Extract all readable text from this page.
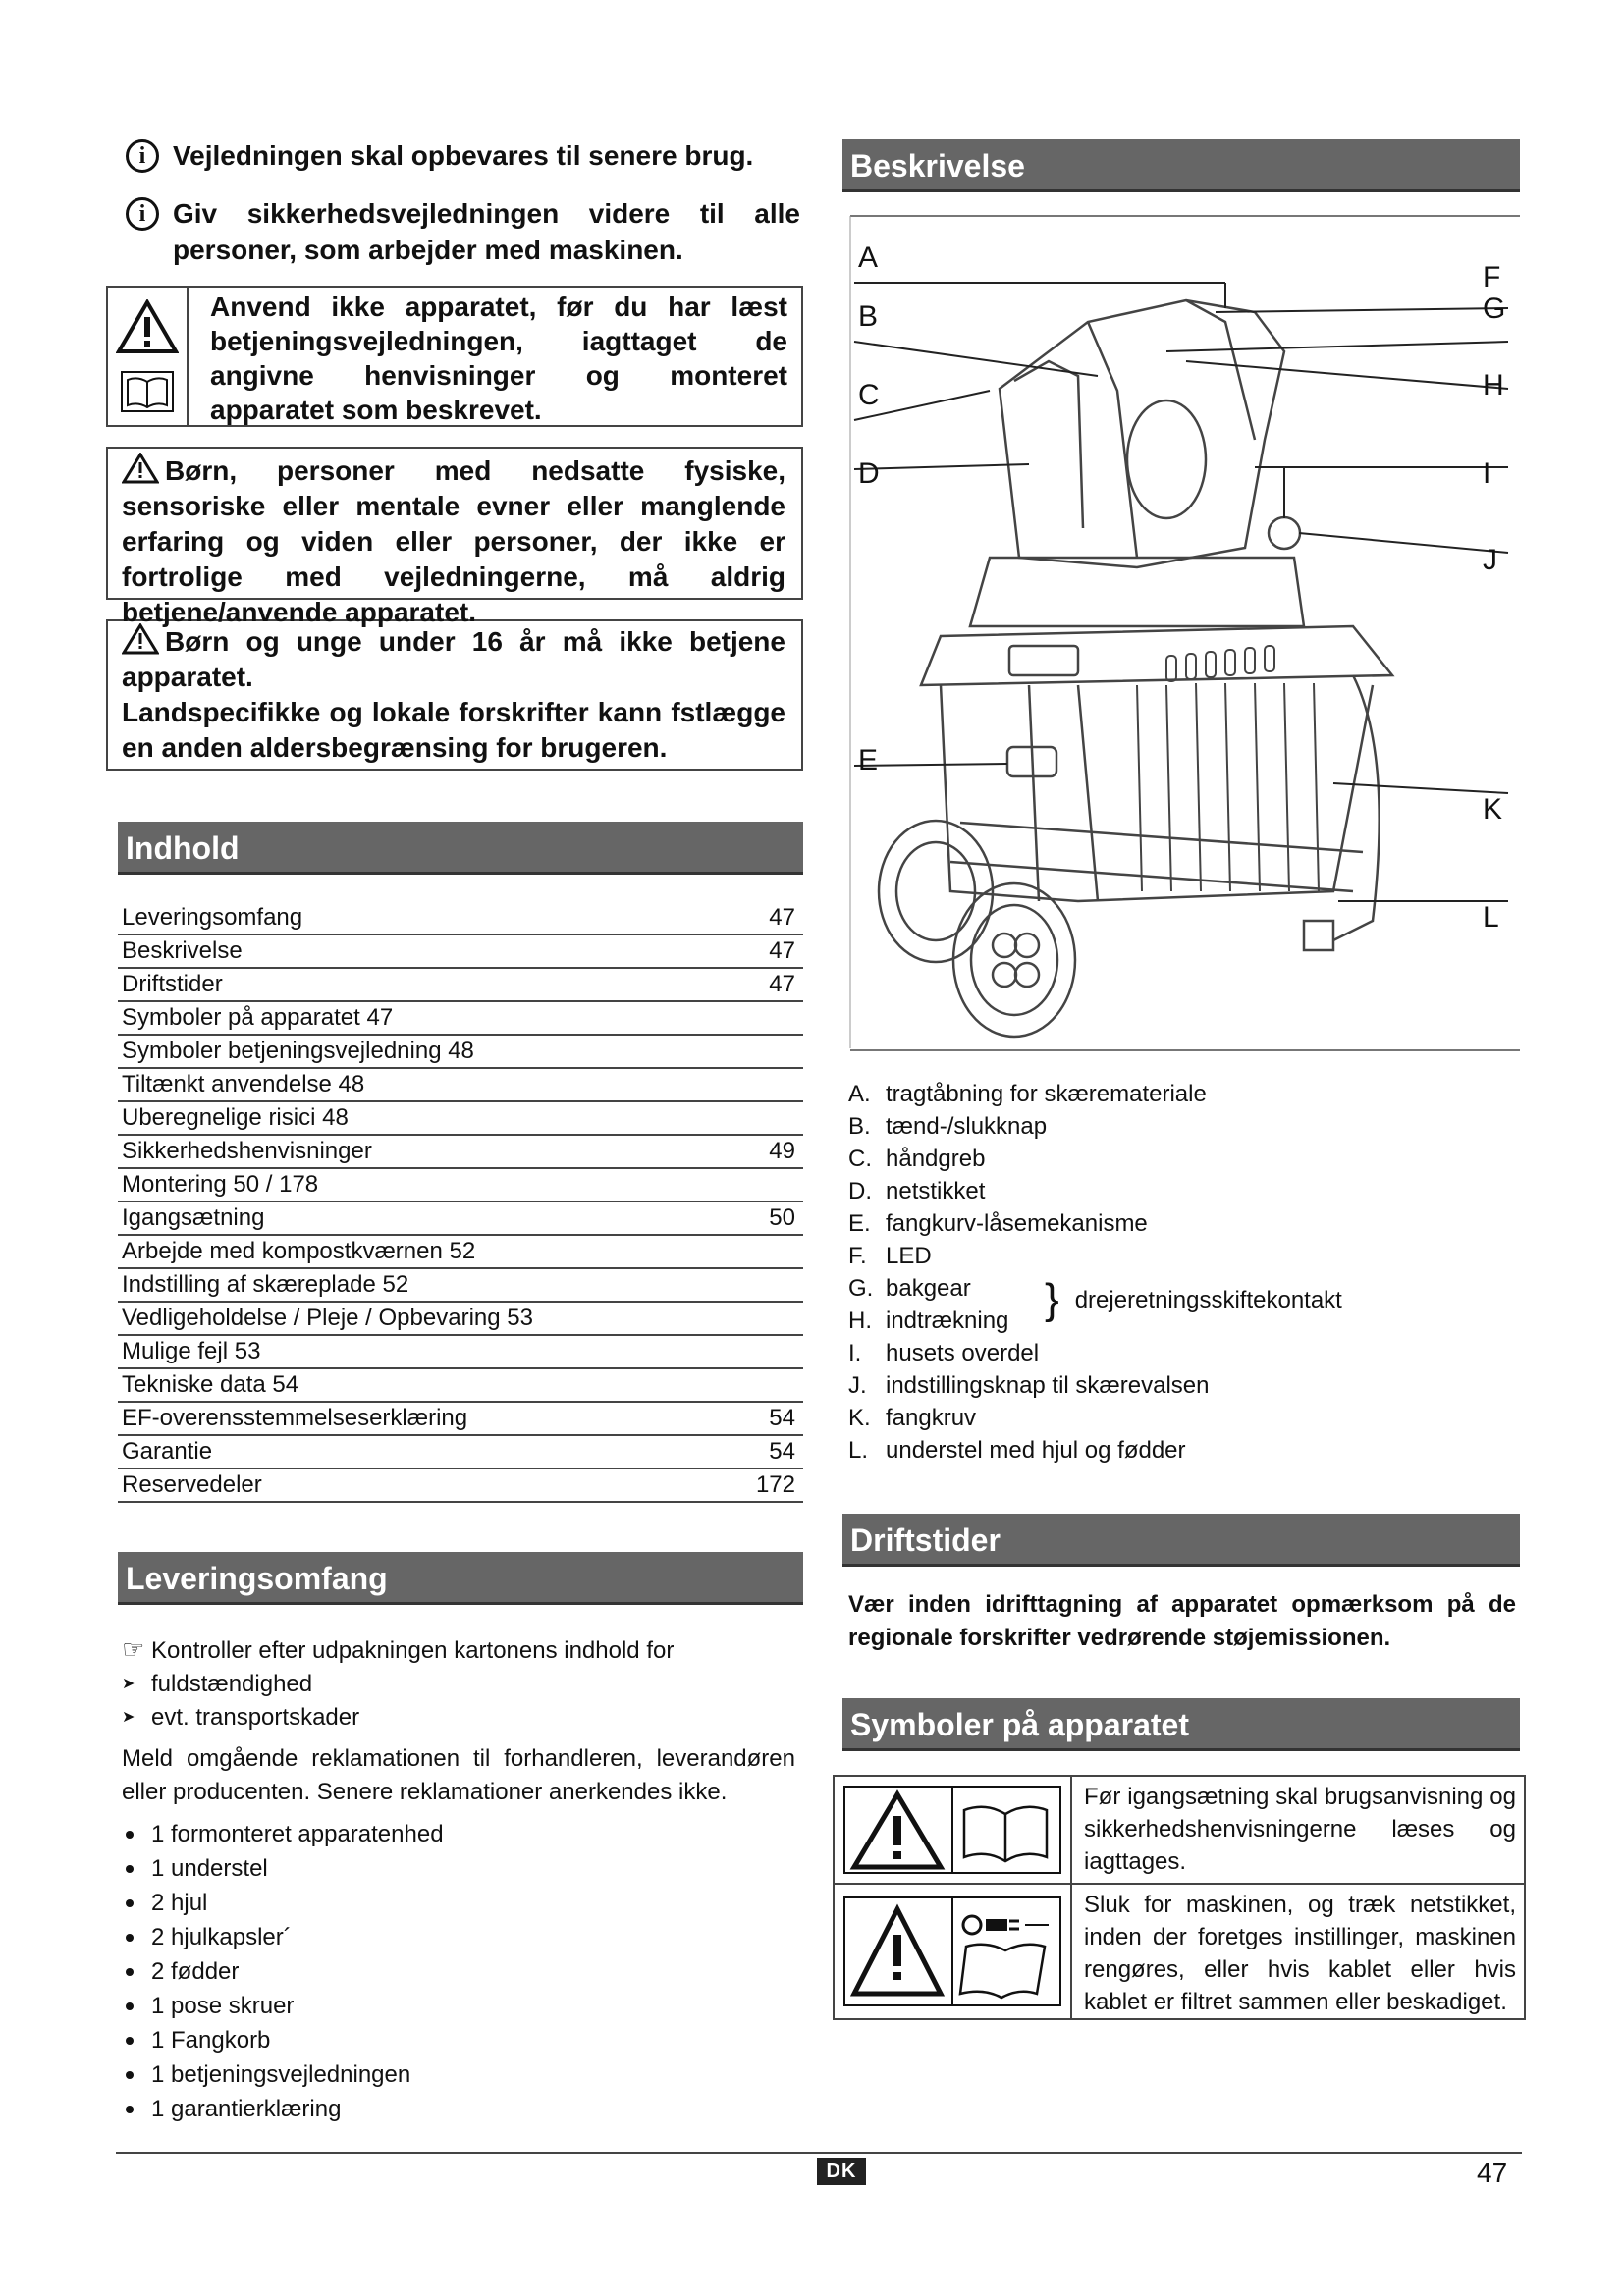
i Vejledningen skal opbevares til senere brug.
i Giv sikkerhedsvejledningen videre til alle personer, som arbejder med maskinen.
Anvend ikke apparatet, før du har læst betjeningsvejledningen, iagttaget de angivne henvisninger og monteret apparatet som beskrevet.
Børn, personer med nedsatte fysiske, sensoriske eller mentale evner eller manglende erfaring og viden eller personer, der ikke er fortrolige med vejledningerne, må aldrig betjene/anvende apparatet.
Børn og unge under 16 år må ikke betjene apparatet.
Landspecifikke og lokale forskrifter kann fstlægge en anden aldersbegrænsing for brugeren.
Indhold
Leveringsomfang	47
Beskrivelse	47
Driftstider	47
Symboler på apparatet 47
Symboler betjeningsvejledning 48
Tiltænkt anvendelse 48
Uberegnelige risici 48
Sikkerhedshenvisninger	49
Montering 50 / 178
Igangsætning	50
Arbejde med kompostkværnen 52
Indstilling af skæreplade 52
Vedligeholdelse / Pleje / Opbevaring 53
Mulige fejl 53
Tekniske data 54
EF-overensstemmelseserklæring	54
Garantie	54
Reservedeler	172
Leveringsomfang
☞ Kontroller efter udpakningen kartonens indhold for
➤ fuldstændighed
➤ evt. transportskader
Meld omgående reklamationen til forhandleren, leverandøren eller producenten. Senere reklamationer anerkendes ikke.
1 formonteret apparatenhed
1 understel
2 hjul
2 hjulkapsler´
2 fødder
1 pose skruer
1 Fangkorb
1 betjeningsvejledningen
1 garantierklæring
Beskrivelse
A
B
C
D
E
F
G
H
I
J
K
L
A. tragtåbning for skæremateriale
B. tænd-/slukknap
C. håndgreb
D. netstikket
E. fangkurv-låsemekanisme
F. LED
G. bakgear } drejeretningsskiftekontakt
H. indtrækning
I.	husets overdel
J. indstillingsknap til skærevalsen
K. fangkruv
L. understel med hjul og fødder
Driftstider
Vær inden idrifttagning af apparatet opmærksom på de regionale forskrifter vedrørende støjemissionen.
Symboler på apparatet
Før igangsætning skal brugsanvisning og sikkerhedshenvisningerne læses og iagttages.
Sluk for maskinen, og træk netstikket, inden der foretges instillinger, maskinen rengøres, eller hvis kablet eller hvis kablet er filtret sammen eller beskadiget.
DK	47
